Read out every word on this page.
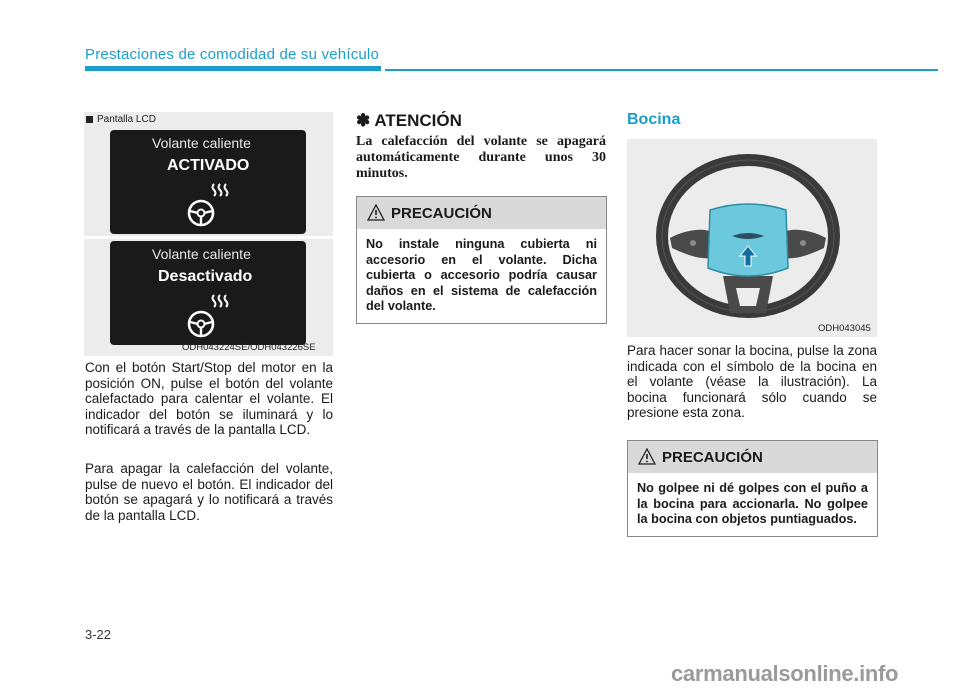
Prestaciones de comodidad de su vehículo
Pantalla LCD
Volante caliente
ACTIVADO
Volante caliente
Desactivado
ODH043224SE/ODH043226SE
Con el botón Start/Stop del motor en la posición ON, pulse el botón del volante calefactado para calentar el volante. El indicador del botón se iluminará y lo notificará a través de la pantalla LCD.
Para apagar la calefacción del volante, pulse de nuevo el botón. El indicador del botón se apagará y lo notificará a través de la pantalla LCD.
✽ ATENCIÓN
La calefacción del volante se apagará automáticamente durante unos 30 minutos.
PRECAUCIÓN
No instale ninguna cubierta ni accesorio en el volante. Dicha cubierta o accesorio podría causar daños en el sistema de calefacción del volante.
Bocina
ODH043045
Para hacer sonar la bocina, pulse la zona indicada con el símbolo de la bocina en el volante (véase la ilustración). La bocina funcionará sólo cuando se presione esta zona.
PRECAUCIÓN
No golpee ni dé golpes con el puño a la bocina para accionarla. No golpee la bocina con objetos puntiaguados.
3-22
carmanualsonline.info
